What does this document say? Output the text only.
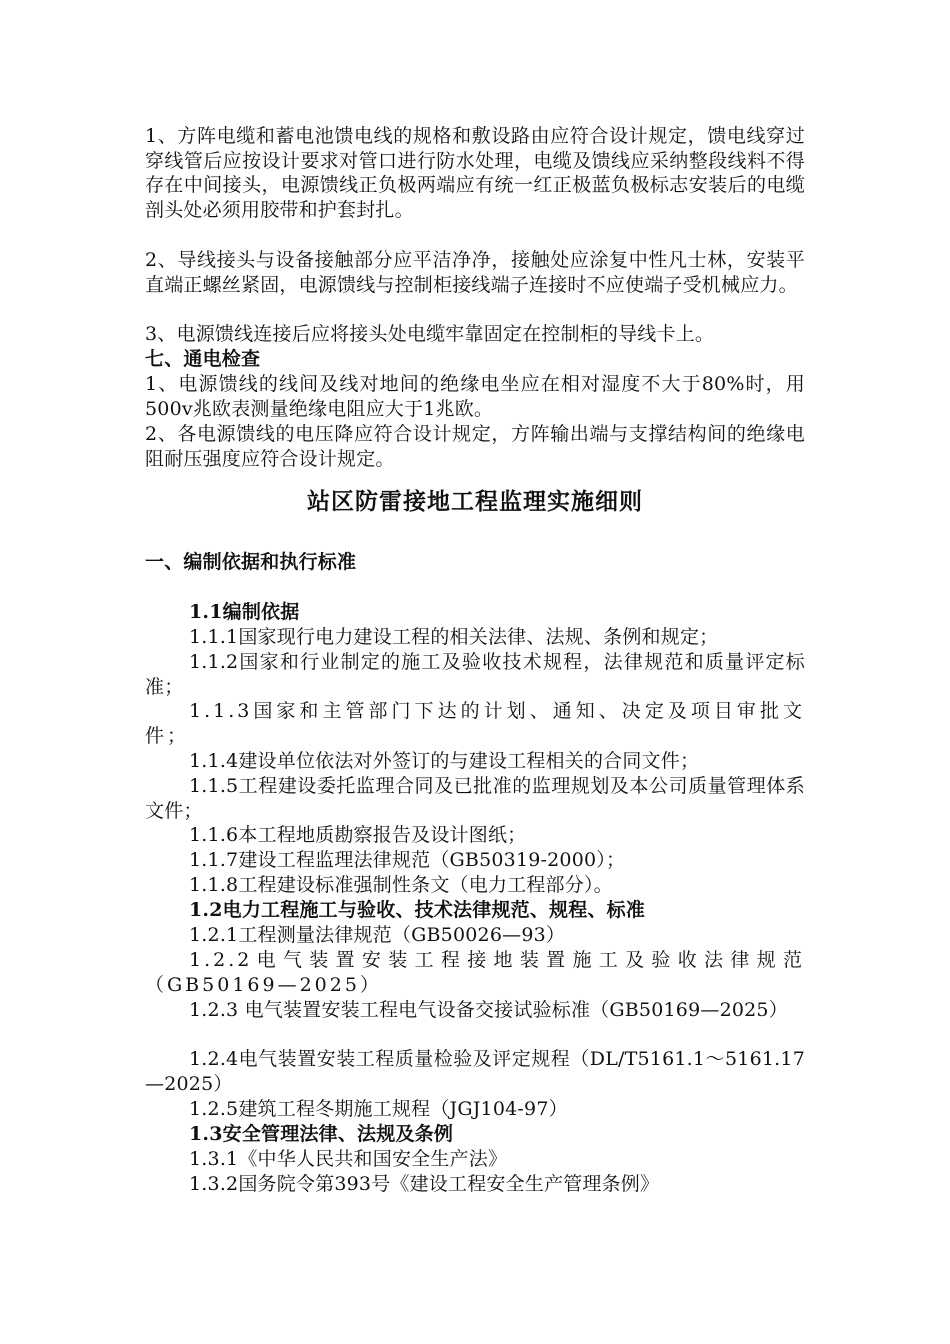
1、方阵电缆和蓄电池馈电线的规格和敷设路由应符合设计规定，馈电线穿过穿线管后应按设计要求对管口进行防水处理，电缆及馈线应采纳整段线料不得存在中间接头，电源馈线正负极两端应有统一红正极蓝负极标志安装后的电缆剖头处必须用胶带和护套封扎。

2、导线接头与设备接触部分应平洁净净，接触处应涂复中性凡士林，安装平直端正螺丝紧固，电源馈线与控制柜接线端子连接时不应使端子受机械应力。

3、电源馈线连接后应将接头处电缆牢靠固定在控制柜的导线卡上。

七、通电检查

1、电源馈线的线间及线对地间的绝缘电坐应在相对湿度不大于80%时，用500v兆欧表测量绝缘电阻应大于1兆欧。

2、各电源馈线的电压降应符合设计规定，方阵输出端与支撑结构间的绝缘电阻耐压强度应符合设计规定。

站区防雷接地工程监理实施细则

一、编制依据和执行标准

1.1编制依据

1.1.1国家现行电力建设工程的相关法律、法规、条例和规定；

1.1.2国家和行业制定的施工及验收技术规程，法律规范和质量评定标准；

1.1.3国家和主管部门下达的计划、通知、决定及项目审批文件；

1.1.4建设单位依法对外签订的与建设工程相关的合同文件；

1.1.5工程建设委托监理合同及已批准的监理规划及本公司质量管理体系文件；

1.1.6本工程地质勘察报告及设计图纸；

1.1.7建设工程监理法律规范（GB50319-2000）；

1.1.8工程建设标准强制性条文（电力工程部分）。

1.2电力工程施工与验收、技术法律规范、规程、标准

1.2.1工程测量法律规范（GB50026—93）

1.2.2电气装置安装工程接地装置施工及验收法律规范（GB50169—2025）

1.2.3 电气装置安装工程电气设备交接试验标准（GB50169—2025）

1.2.4电气装置安装工程质量检验及评定规程（DL/T5161.1～5161.17—2025）

1.2.5建筑工程冬期施工规程（JGJ104-97）

1.3安全管理法律、法规及条例

1.3.1《中华人民共和国安全生产法》

1.3.2国务院令第393号《建设工程安全生产管理条例》
